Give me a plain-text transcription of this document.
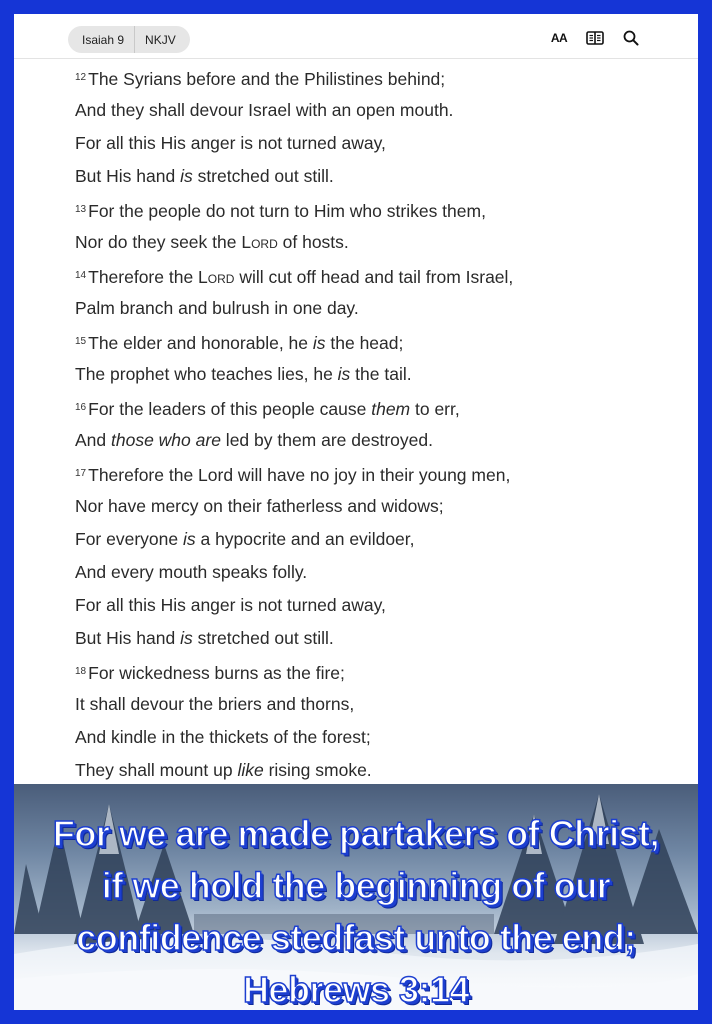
Isaiah 9	NKJV	AA
$^{12}$ The Syrians before and the Philistines behind;
And they shall devour Israel with an open mouth.
For all this His anger is not turned away,
But His hand is stretched out still.
$^{13}$ For the people do not turn to Him who strikes them,
Nor do they seek the Lord of hosts.
$^{14}$ Therefore the Lord will cut off head and tail from Israel,
Palm branch and bulrush in one day.
$^{15}$ The elder and honorable, he is the head;
The prophet who teaches lies, he is the tail.
$^{16}$ For the leaders of this people cause them to err,
And those who are led by them are destroyed.
$^{17}$ Therefore the Lord will have no joy in their young men,
Nor have mercy on their fatherless and widows;
For everyone is a hypocrite and an evildoer,
And every mouth speaks folly.
For all this His anger is not turned away,
But His hand is stretched out still.
$^{18}$ For wickedness burns as the fire;
It shall devour the briers and thorns,
And kindle in the thickets of the forest;
They shall mount up like rising smoke.
For we are made partakers of Christ,
if we hold the beginning of our
confidence stedfast unto the end;
Hebrews 3:14
